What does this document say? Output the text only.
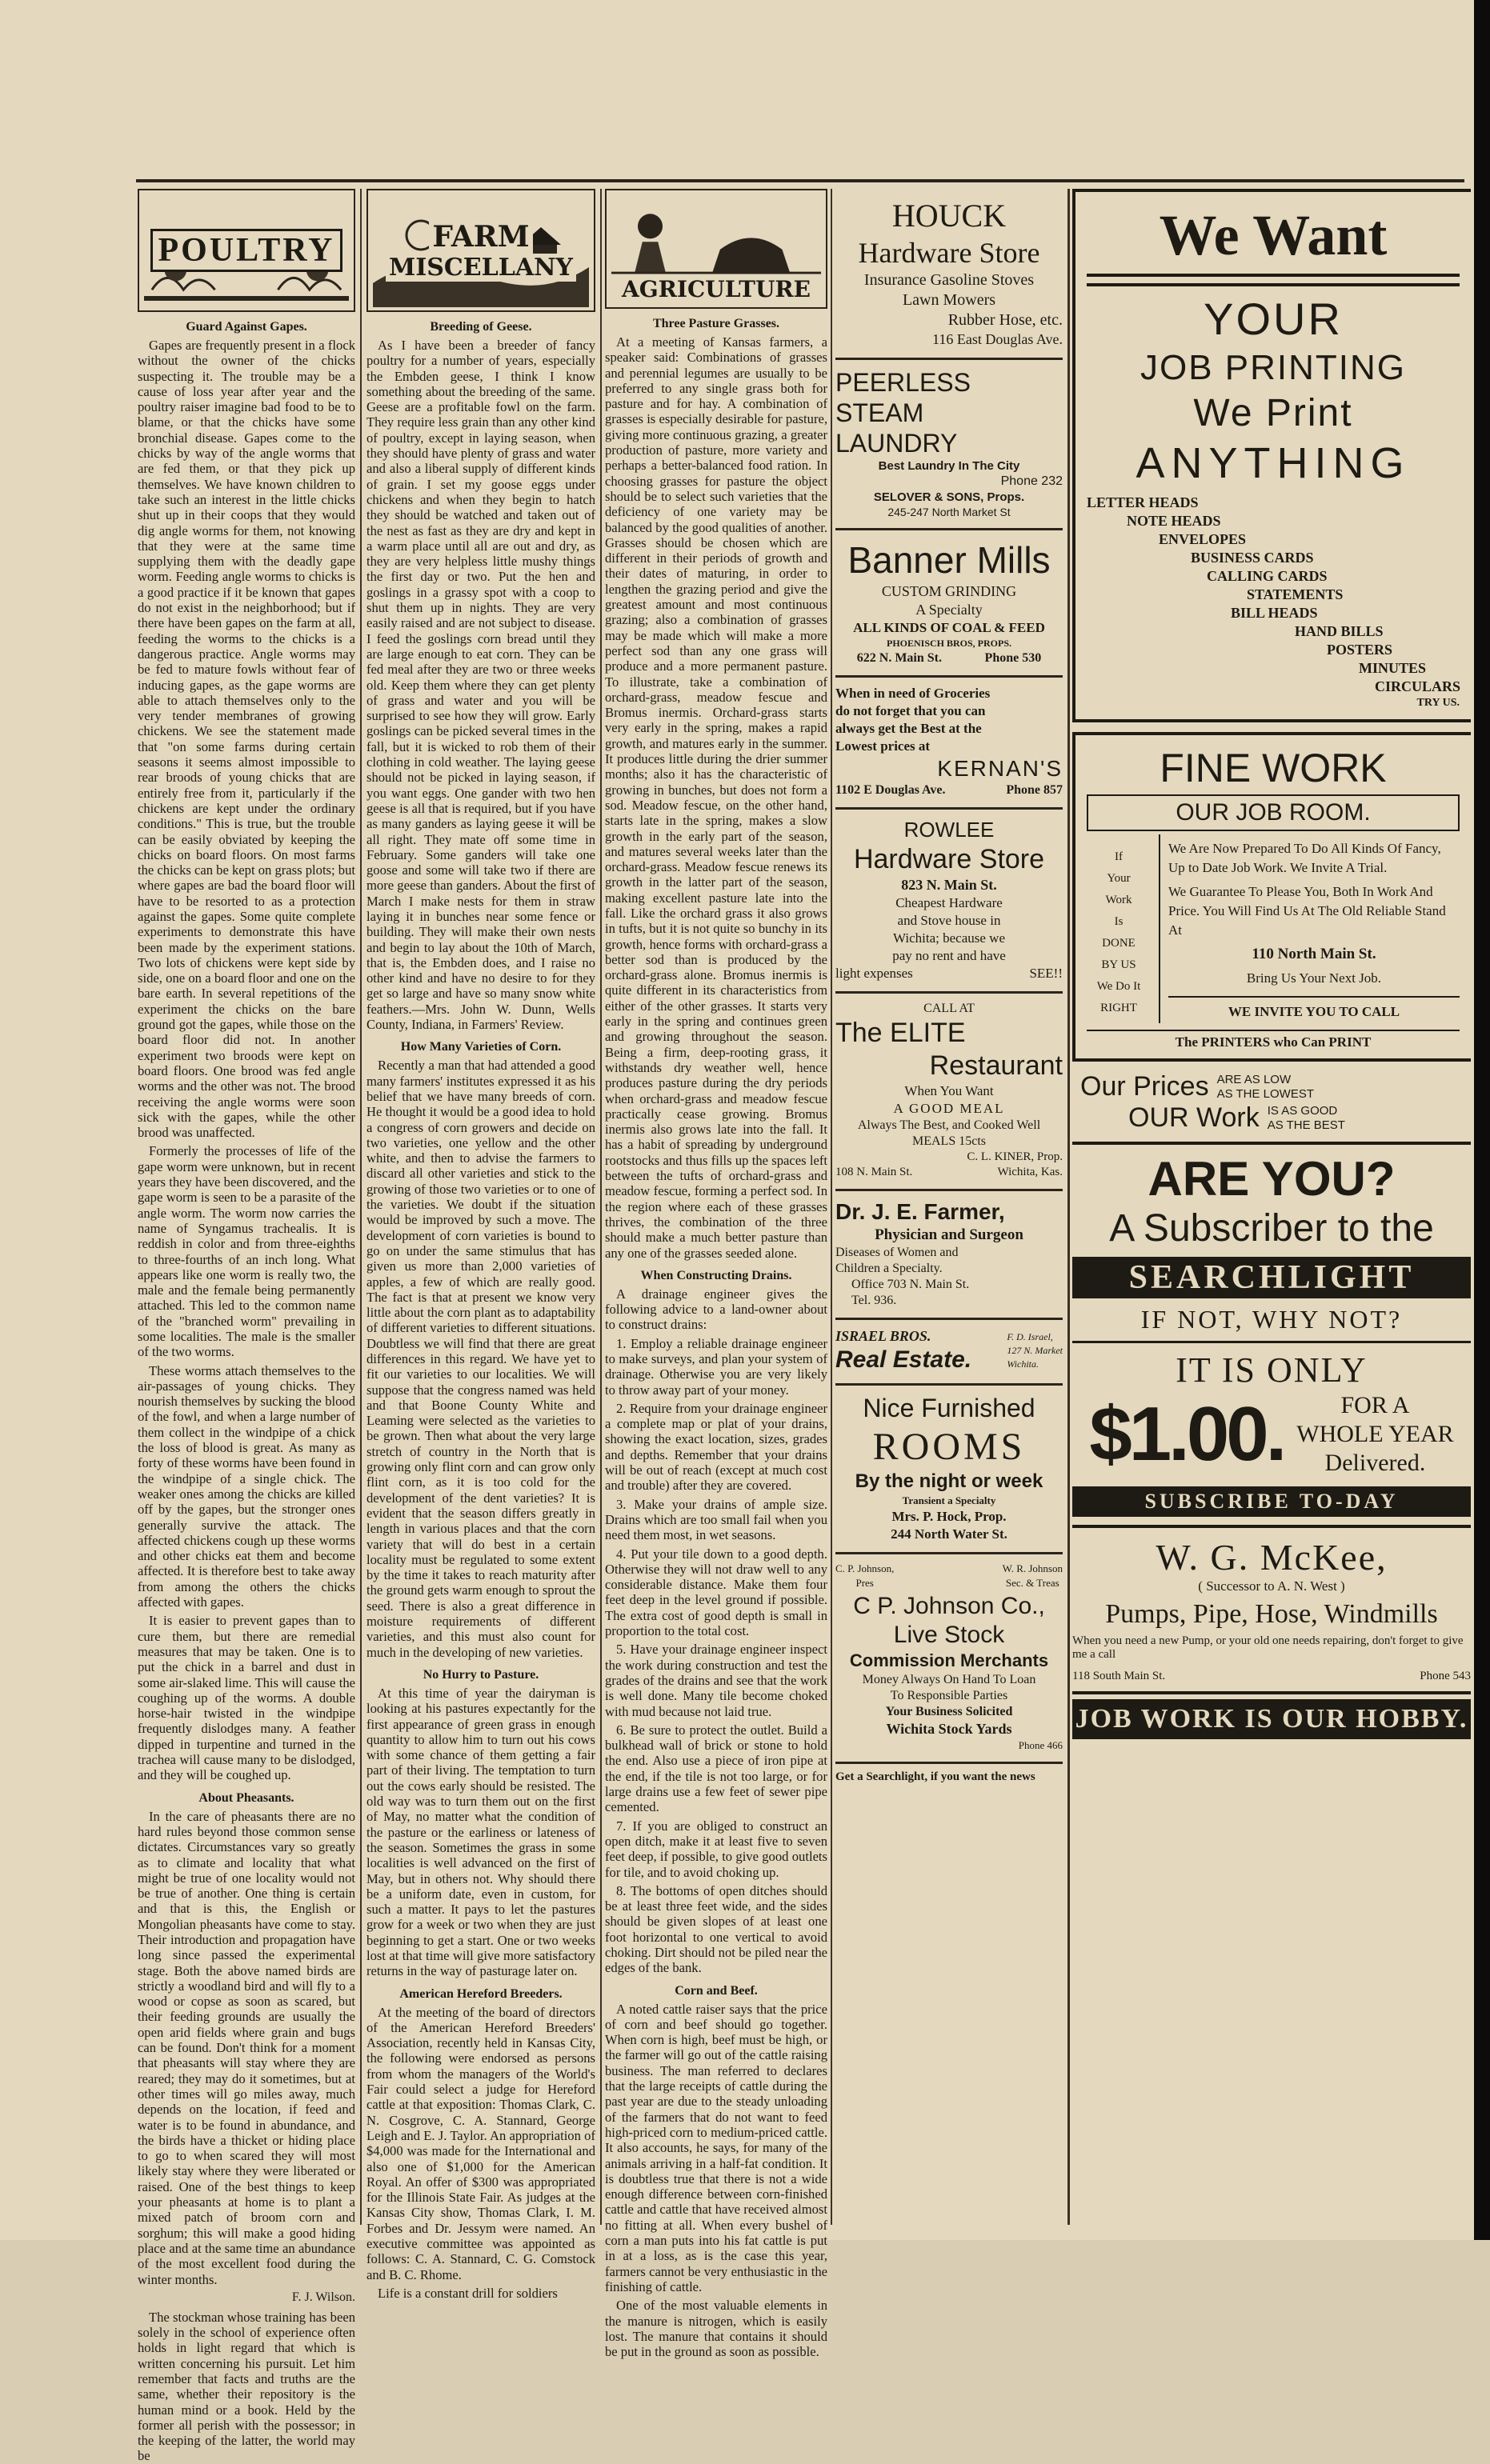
POULTRY

Guard Against Gapes.

Gapes are frequently present in a flock without the owner of the chicks suspecting it. The trouble may be a cause of loss year after year and the poultry raiser imagine bad food to be to blame, or that the chicks have some bronchial disease. Gapes come to the chicks by way of the angle worms that are fed them, or that they pick up themselves. We have known children to take such an interest in the little chicks shut up in their coops that they would dig angle worms for them, not knowing that they were at the same time supplying them with the deadly gape worm. Feeding angle worms to chicks is a good practice if it be known that gapes do not exist in the neighborhood; but if there have been gapes on the farm at all, feeding the worms to the chicks is a dangerous practice. Angle worms may be fed to mature fowls without fear of inducing gapes, as the gape worms are able to attach themselves only to the very tender membranes of growing chickens. We see the statement made that "on some farms during certain seasons it seems almost impossible to rear broods of young chicks that are entirely free from it, particularly if the chickens are kept under the ordinary conditions." This is true, but the trouble can be easily obviated by keeping the chicks on board floors. On most farms the chicks can be kept on grass plots; but where gapes are bad the board floor will have to be resorted to as a protection against the gapes. Some quite complete experiments to demonstrate this have been made by the experiment stations. Two lots of chickens were kept side by side, one on a board floor and one on the bare earth. In several repetitions of the experiment the chicks on the bare ground got the gapes, while those on the board floor did not. In another experiment two broods were kept on board floors. One brood was fed angle worms and the other was not. The brood receiving the angle worms were soon sick with the gapes, while the other brood was unaffected.

Formerly the processes of life of the gape worm were unknown, but in recent years they have been discovered, and the gape worm is seen to be a parasite of the angle worm. The worm now carries the name of Syngamus trachealis. It is reddish in color and from three-eighths to three-fourths of an inch long. What appears like one worm is really two, the male and the female being permanently attached. This led to the common name of the "branched worm" prevailing in some localities. The male is the smaller of the two worms.

These worms attach themselves to the air-passages of young chicks. They nourish themselves by sucking the blood of the fowl, and when a large number of them collect in the windpipe of a chick the loss of blood is great. As many as forty of these worms have been found in the windpipe of a single chick. The weaker ones among the chicks are killed off by the gapes, but the stronger ones generally survive the attack. The affected chickens cough up these worms and other chicks eat them and become affected. It is therefore best to take away from among the others the chicks affected with gapes.

It is easier to prevent gapes than to cure them, but there are remedial measures that may be taken. One is to put the chick in a barrel and dust in some air-slaked lime. This will cause the coughing up of the worms. A double horse-hair twisted in the windpipe frequently dislodges many. A feather dipped in turpentine and turned in the trachea will cause many to be dislodged, and they will be coughed up.

About Pheasants.

In the care of pheasants there are no hard rules beyond those common sense dictates. Circumstances vary so greatly as to climate and locality that what might be true of one locality would not be true of another. One thing is certain and that is this, the English or Mongolian pheasants have come to stay. Their introduction and propagation have long since passed the experimental stage. Both the above named birds are strictly a woodland bird and will fly to a wood or copse as soon as scared, but their feeding grounds are usually the open arid fields where grain and bugs can be found. Don't think for a moment that pheasants will stay where they are reared; they may do it sometimes, but at other times will go miles away, much depends on the location, if feed and water is to be found in abundance, and the birds have a thicket or hiding place to go to when scared they will most likely stay where they were liberated or raised. One of the best things to keep your pheasants at home is to plant a mixed patch of broom corn and sorghum; this will make a good hiding place and at the same time an abundance of the most excellent food during the winter months.

F. J. Wilson.

The stockman whose training has been solely in the school of experience often holds in light regard that which is written concerning his pursuit. Let him remember that facts and truths are the same, whether their repository is the human mind or a book. Held by the former all perish with the possessor; in the keeping of the latter, the world may be

FARM
MISCELLANY

Breeding of Geese.

As I have been a breeder of fancy poultry for a number of years, especially the Embden geese, I think I know something about the breeding of the same. Geese are a profitable fowl on the farm. They require less grain than any other kind of poultry, except in laying season, when they should have plenty of grass and water and also a liberal supply of different kinds of grain. I set my goose eggs under chickens and when they begin to hatch they should be watched and taken out of the nest as fast as they are dry and kept in a warm place until all are out and dry, as they are very helpless little mushy things the first day or two. Put the hen and goslings in a grassy spot with a coop to shut them up in nights. They are very easily raised and are not subject to disease. I feed the goslings corn bread until they are large enough to eat corn. They can be fed meal after they are two or three weeks old. Keep them where they can get plenty of grass and water and you will be surprised to see how they will grow. Early goslings can be picked several times in the fall, but it is wicked to rob them of their clothing in cold weather. The laying geese should not be picked in laying season, if you want eggs. One gander with two hen geese is all that is required, but if you have as many ganders as laying geese it will be all right. They mate off some time in February. Some ganders will take one goose and some will take two if there are more geese than ganders. About the first of March I make nests for them in straw laying it in bunches near some fence or building. They will make their own nests and begin to lay about the 10th of March, that is, the Embden does, and I raise no other kind and have no desire to for they get so large and have so many snow white feathers.—Mrs. John W. Dunn, Wells County, Indiana, in Farmers' Review.

How Many Varieties of Corn.

Recently a man that had attended a good many farmers' institutes expressed it as his belief that we have many breeds of corn. He thought it would be a good idea to hold a congress of corn growers and decide on two varieties, one yellow and the other white, and then to advise the farmers to discard all other varieties and stick to the growing of those two varieties or to one of the varieties. We doubt if the situation would be improved by such a move. The development of corn varieties is bound to go on under the same stimulus that has given us more than 2,000 varieties of apples, a few of which are really good. The fact is that at present we know very little about the corn plant as to adaptability of different varieties to different situations. Doubtless we will find that there are great differences in this regard. We have yet to fit our varieties to our localities. We will suppose that the congress named was held and that Boone County White and Leaming were selected as the varieties to be grown. Then what about the very large stretch of country in the North that is growing only flint corn and can grow only flint corn, as it is too cold for the development of the dent varieties? It is evident that the season differs greatly in length in various places and that the corn variety that will do best in a certain locality must be regulated to some extent by the time it takes to reach maturity after the ground gets warm enough to sprout the seed. There is also a great difference in moisture requirements of different varieties, and this must also count for much in the developing of new varieties.

No Hurry to Pasture.

At this time of year the dairyman is looking at his pastures expectantly for the first appearance of green grass in enough quantity to allow him to turn out his cows with some chance of them getting a fair part of their living. The temptation to turn out the cows early should be resisted. The old way was to turn them out on the first of May, no matter what the condition of the pasture or the earliness or lateness of the season. Sometimes the grass in some localities is well advanced on the first of May, but in others not. Why should there be a uniform date, even in custom, for such a matter. It pays to let the pastures grow for a week or two when they are just beginning to get a start. One or two weeks lost at that time will give more satisfactory returns in the way of pasturage later on.

American Hereford Breeders.

At the meeting of the board of directors of the American Hereford Breeders' Association, recently held in Kansas City, the following were endorsed as persons from whom the managers of the World's Fair could select a judge for Hereford cattle at that exposition: Thomas Clark, C. N. Cosgrove, C. A. Stannard, George Leigh and E. J. Taylor. An appropriation of $4,000 was made for the International and also one of $1,000 for the American Royal. An offer of $300 was appropriated for the Illinois State Fair. As judges at the Kansas City show, Thomas Clark, I. M. Forbes and Dr. Jessym were named. An executive committee was appointed as follows: C. A. Stannard, C. G. Comstock and B. C. Rhome.

Life is a constant drill for soldiers

AGRICULTURE

Three Pasture Grasses.

At a meeting of Kansas farmers, a speaker said: Combinations of grasses and perennial legumes are usually to be preferred to any single grass both for pasture and for hay. A combination of grasses is especially desirable for pasture, giving more continuous grazing, a greater production of pasture, more variety and perhaps a better-balanced food ration. In choosing grasses for pasture the object should be to select such varieties that the deficiency of one variety may be balanced by the good qualities of another. Grasses should be chosen which are different in their periods of growth and their dates of maturing, in order to lengthen the grazing period and give the greatest amount and most continuous grazing; also a combination of grasses may be made which will make a more perfect sod than any one grass will produce and a more permanent pasture. To illustrate, take a combination of orchard-grass, meadow fescue and Bromus inermis. Orchard-grass starts very early in the spring, makes a rapid growth, and matures early in the summer. It produces little during the drier summer months; also it has the characteristic of growing in bunches, but does not form a sod. Meadow fescue, on the other hand, starts late in the spring, makes a slow growth in the early part of the season, and matures several weeks later than the orchard-grass. Meadow fescue renews its growth in the latter part of the season, making excellent pasture late into the fall. Like the orchard grass it also grows in tufts, but it is not quite so bunchy in its growth, hence forms with orchard-grass a better sod than is produced by the orchard-grass alone. Bromus inermis is quite different in its characteristics from either of the other grasses. It starts very early in the spring and continues green and growing throughout the season. Being a firm, deep-rooting grass, it withstands dry weather well, hence produces pasture during the dry periods when orchard-grass and meadow fescue practically cease growing. Bromus inermis also grows late into the fall. It has a habit of spreading by underground rootstocks and thus fills up the spaces left between the tufts of orchard-grass and meadow fescue, forming a perfect sod. In the region where each of these grasses thrives, the combination of the three should make a much better pasture than any one of the grasses seeded alone.

When Constructing Drains.

A drainage engineer gives the following advice to a land-owner about to construct drains:

1. Employ a reliable drainage engineer to make surveys, and plan your system of drainage. Otherwise you are very likely to throw away part of your money.

2. Require from your drainage engineer a complete map or plat of your drains, showing the exact location, sizes, grades and depths. Remember that your drains will be out of reach (except at much cost and trouble) after they are covered.

3. Make your drains of ample size. Drains which are too small fail when you need them most, in wet seasons.

4. Put your tile down to a good depth. Otherwise they will not draw well to any considerable distance. Make them four feet deep in the level ground if possible. The extra cost of good depth is small in proportion to the total cost.

5. Have your drainage engineer inspect the work during construction and test the grades of the drains and see that the work is well done. Many tile become choked with mud because not laid true.

6. Be sure to protect the outlet. Build a bulkhead wall of brick or stone to hold the end. Also use a piece of iron pipe at the end, if the tile is not too large, or for large drains use a few feet of sewer pipe cemented.

7. If you are obliged to construct an open ditch, make it at least five to seven feet deep, if possible, to give good outlets for tile, and to avoid choking up.

8. The bottoms of open ditches should be at least three feet wide, and the sides should be given slopes of at least one foot horizontal to one vertical to avoid choking. Dirt should not be piled near the edges of the bank.

Corn and Beef.

A noted cattle raiser says that the price of corn and beef should go together. When corn is high, beef must be high, or the farmer will go out of the cattle raising business. The man referred to declares that the large receipts of cattle during the past year are due to the steady unloading of the farmers that do not want to feed high-priced corn to medium-priced cattle. It also accounts, he says, for many of the animals arriving in a half-fat condition. It is doubtless true that there is not a wide enough difference between corn-finished cattle and cattle that have received almost no fitting at all. When every bushel of corn a man puts into his fat cattle is put in at a loss, as is the case this year, farmers cannot be very enthusiastic in the finishing of cattle.

One of the most valuable elements in the manure is nitrogen, which is easily lost. The manure that contains it should be put in the ground as soon as possible.

HOUCK

Hardware Store

Insurance Gasoline Stoves

Lawn Mowers

Rubber Hose, etc.

116 East Douglas Ave.

PEERLESS

STEAM

LAUNDRY

Best Laundry In The City

Phone 232

SELOVER & SONS, Props.

245-247 North Market St

Banner Mills

CUSTOM GRINDING

A Specialty

ALL KINDS OF COAL & FEED

PHOENISCH BROS, PROPS.

622 N. Main St.	Phone 530

When in need of Groceries

do not forget that you can

always get the Best at the

Lowest prices at

KERNAN'S

1102 E Douglas Ave.	Phone 857

ROWLEE

Hardware Store

823 N. Main St.

Cheapest Hardware

and Stove house in

Wichita; because we

pay no rent and have

light expenses	SEE!!

CALL AT

The ELITE

Restaurant

When You Want

A GOOD MEAL

Always The Best, and Cooked Well

MEALS 15cts

C. L. KINER, Prop.

108 N. Main St.	Wichita, Kas.

Dr. J. E. Farmer,

Physician and Surgeon

Diseases of Women and

Children a Specialty.

Office 703 N. Main St.

Tel. 936.

ISRAEL BROS.

Real Estate.

F. D. Israel,

127 N. Market

Wichita.

Nice Furnished

ROOMS

By the night or week

Transient a Specialty

Mrs. P. Hock, Prop.

244 North Water St.

C. P. Johnson,

Pres

W. R. Johnson

Sec. & Treas

C P. Johnson Co.,

Live Stock

Commission Merchants

Money Always On Hand To Loan

To Responsible Parties

Your Business Solicited

Wichita Stock Yards

Phone 466

Get a Searchlight, if you want the news

We Want

YOUR

JOB PRINTING

We Print

ANYTHING

LETTER HEADS

NOTE HEADS

ENVELOPES

BUSINESS CARDS

CALLING CARDS

STATEMENTS

BILL HEADS

HAND BILLS

POSTERS

MINUTES

CIRCULARS

TRY US.

FINE WORK

OUR JOB ROOM.

If

Your

Work

Is

DONE

BY US

We Do It

RIGHT

We Are Now Prepared To Do All Kinds Of Fancy, Up to Date Job Work. We Invite A Trial.

We Guarantee To Please You, Both In Work And Price. You Will Find Us At The Old Reliable Stand At

110 North Main St.

Bring Us Your Next Job.

WE INVITE YOU TO CALL

The PRINTERS who Can PRINT

Our Prices ARE AS LOW
AS THE LOWEST
OUR Work IS AS GOOD
AS THE BEST

ARE YOU?

A Subscriber to the

SEARCHLIGHT

IF NOT, WHY NOT?

IT IS ONLY

$1.00.	FOR A
WHOLE YEAR
Delivered.

SUBSCRIBE TO-DAY

W. G. McKee,

( Successor to A. N. West )

Pumps, Pipe, Hose, Windmills

When you need a new Pump, or your old one needs repairing, don't forget to give me a call

118 South Main St.	Phone 543

JOB WORK IS OUR HOBBY.
